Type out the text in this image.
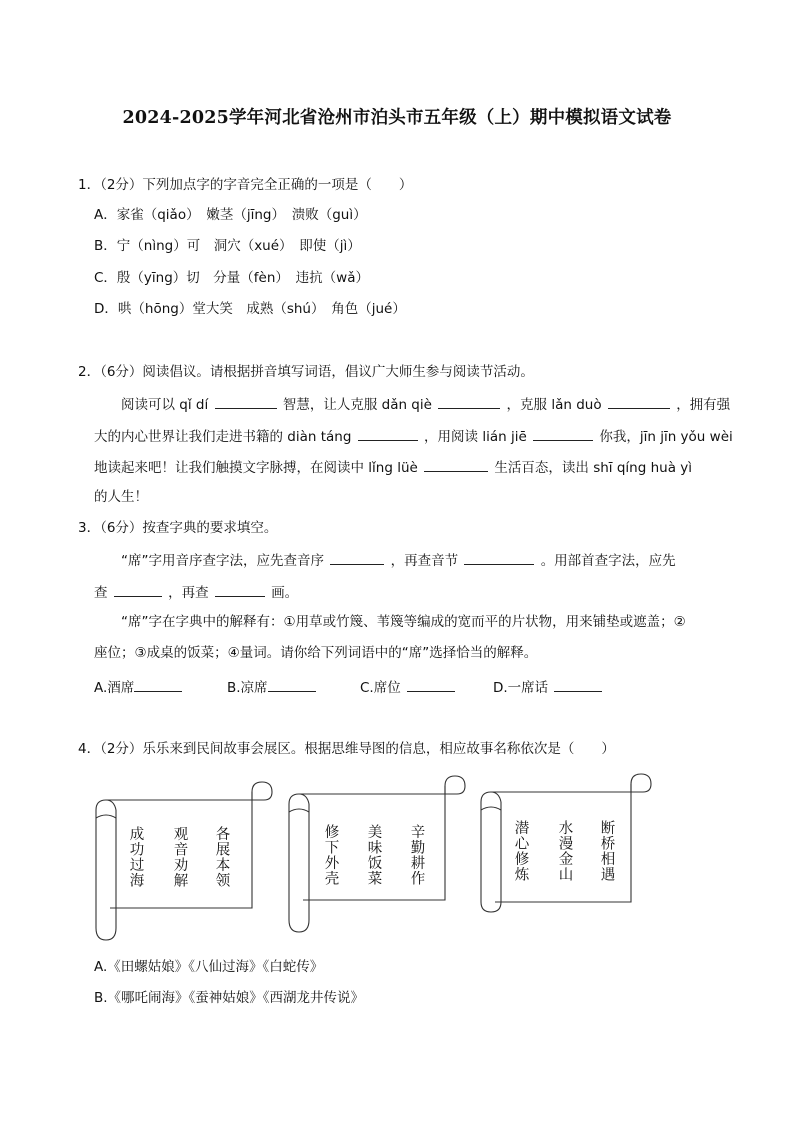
2024-2025学年河北省沧州市泊头市五年级（上）期中模拟语文试卷
1．（2分）下列加点字的字音完全正确的一项是（　　）
A．家雀（qiǎo）　嫩茎（jīng）　溃败（guì）
B．宁（nìng）可　洞穴（xué）　即使（jì）
C．殷（yīng）切　分量（fèn）　违抗（wǎ）
D．哄（hōng）堂大笑　成熟（shú）　角色（jué）
2．（6分）阅读倡议。请根据拼音填写词语，倡议广大师生参与阅读节活动。
阅读可以 qǐ dí	智慧，让人克服 dǎn qiè	，克服 lǎn duò	，拥有强
大的内心世界让我们走进书籍的 diàn táng	，用阅读 lián jiē	你我，jīn jīn yǒu wèi
地读起来吧！让我们触摸文字脉搏，在阅读中 lǐng lüè	生活百态，读出 shī qíng huà yì
的人生！
3．（6分）按查字典的要求填空。
“席”字用音序查字法，应先查音序	，再查音节	。用部首查字法，应先
查	，再查	画。
“席”字在字典中的解释有：①用草或竹篾、苇篾等编成的宽而平的片状物，用来铺垫或遮盖；②
座位；③成桌的饭菜；④量词。请你给下列词语中的“席”选择恰当的解释。
A.酒席	B.凉席	C.席位	D.一席话
4．（2分）乐乐来到民间故事会展区。根据思维导图的信息，相应故事名称依次是（　　）
成功过海 观音劝解 各展本领	修下外壳 美味饭菜 辛勤耕作	潜心修炼 水漫金山 断桥相遇
A.《田螺姑娘》《八仙过海》《白蛇传》
B.《哪吒闹海》《蚕神姑娘》《西湖龙井传说》
